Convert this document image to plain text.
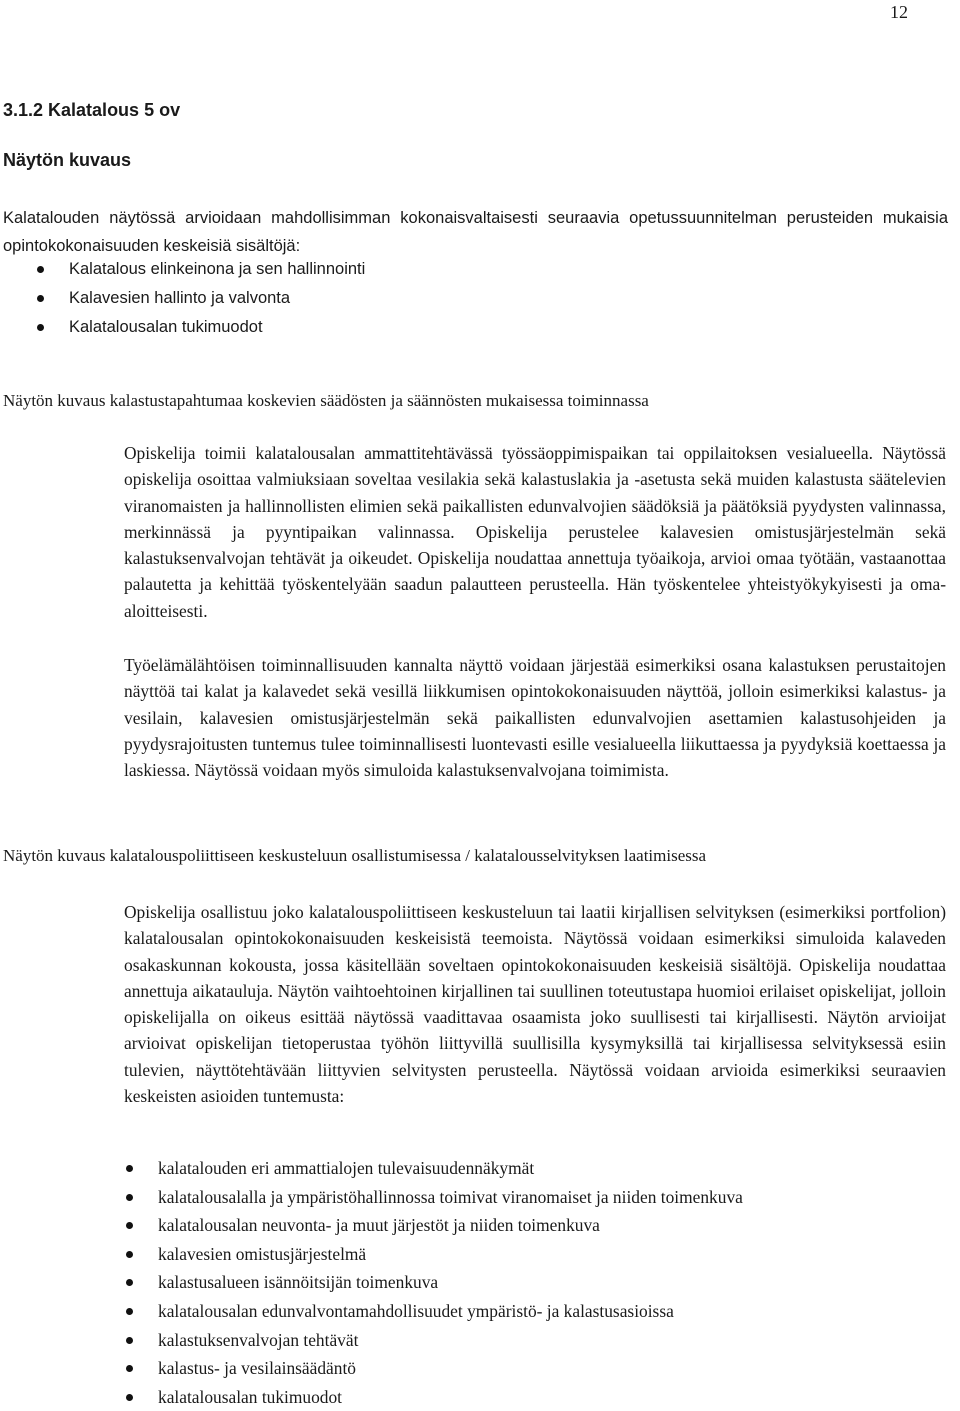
12
3.1.2 Kalatalous 5 ov
Näytön kuvaus
Kalatalouden näytössä arvioidaan mahdollisimman kokonaisvaltaisesti seuraavia opetussuunnitelman perusteiden mukaisia opintokokonaisuuden keskeisiä sisältöjä:
Kalatalous elinkeinona ja sen hallinnointi
Kalavesien hallinto ja valvonta
Kalatalousalan tukimuodot
Näytön kuvaus kalastustapahtumaa koskevien säädösten ja säännösten mukaisessa toiminnassa

Opiskelija toimii kalatalousalan ammattitehtävässä työssäoppimispaikan tai oppilaitoksen vesialueella. Näytössä opiskelija osoittaa valmiuksiaan soveltaa vesilakia sekä kalastuslakia ja -asetusta sekä muiden kalastusta säätelevien viranomaisten ja hallinnollisten elimien sekä paikallisten edunvalvojien säädöksiä ja päätöksiä pyydysten valinnassa, merkinnässä ja pyyntipaikan valinnassa. Opiskelija perustelee kalavesien omistusjärjestelmän sekä kalastuksenvalvojan tehtävät ja oikeudet. Opiskelija noudattaa annettuja työaikoja, arvioi omaa työtään, vastaanottaa palautetta ja kehittää työskentelyään saadun palautteen perusteella. Hän työskentelee yhteistyökykyisesti ja oma-aloitteisesti.

Työelämälähtöisen toiminnallisuuden kannalta näyttö voidaan järjestää esimerkiksi osana kalastuksen perustaitojen näyttöä tai kalat ja kalavedet sekä vesillä liikkumisen opintokokonaisuuden näyttöä, jolloin esimerkiksi kalastus- ja vesilain, kalavesien omistusjärjestelmän sekä paikallisten edunvalvojien asettamien kalastusohjeiden ja pyydysrajoitusten tuntemus tulee toiminnallisesti luontevasti esille vesialueella liikuttaessa ja pyydyksiä koettaessa ja laskiessa. Näytössä voidaan myös simuloida kalastuksenvalvojana toimimista.

Näytön kuvaus kalatalouspoliittiseen keskusteluun osallistumisessa / kalatalousselvityksen laatimisessa

Opiskelija osallistuu joko kalatalouspoliittiseen keskusteluun tai laatii kirjallisen selvityksen (esimerkiksi portfolion) kalatalousalan opintokokonaisuuden keskeisistä teemoista. Näytössä voidaan esimerkiksi simuloida kalaveden osakaskunnan kokousta, jossa käsitellään soveltaen opintokokonaisuuden keskeisiä sisältöjä. Opiskelija noudattaa annettuja aikatauluja. Näytön vaihtoehtoinen kirjallinen tai suullinen toteutustapa huomioi erilaiset opiskelijat, jolloin opiskelijalla on oikeus esittää näytössä vaadittavaa osaamista joko suullisesti tai kirjallisesti. Näytön arvioijat arvioivat opiskelijan tietoperustaa työhön liittyvillä suullisilla kysymyksillä tai kirjallisessa selvityksessä esiin tulevien, näyttötehtävään liittyvien selvitysten perusteella. Näytössä voidaan arvioida esimerkiksi seuraavien keskeisten asioiden tuntemusta:

kalatalouden eri ammattialojen tulevaisuudennäkymät
kalatalousalalla ja ympäristöhallinnossa toimivat viranomaiset ja niiden toimenkuva
kalatalousalan neuvonta- ja muut järjestöt ja niiden toimenkuva
kalavesien omistusjärjestelmä
kalastusalueen isännöitsijän toimenkuva
kalatalousalan edunvalvontamahdollisuudet ympäristö- ja kalastusasioissa
kalastuksenvalvojan tehtävät
kalastus- ja vesilainsäädäntö
kalatalousalan tukimuodot
